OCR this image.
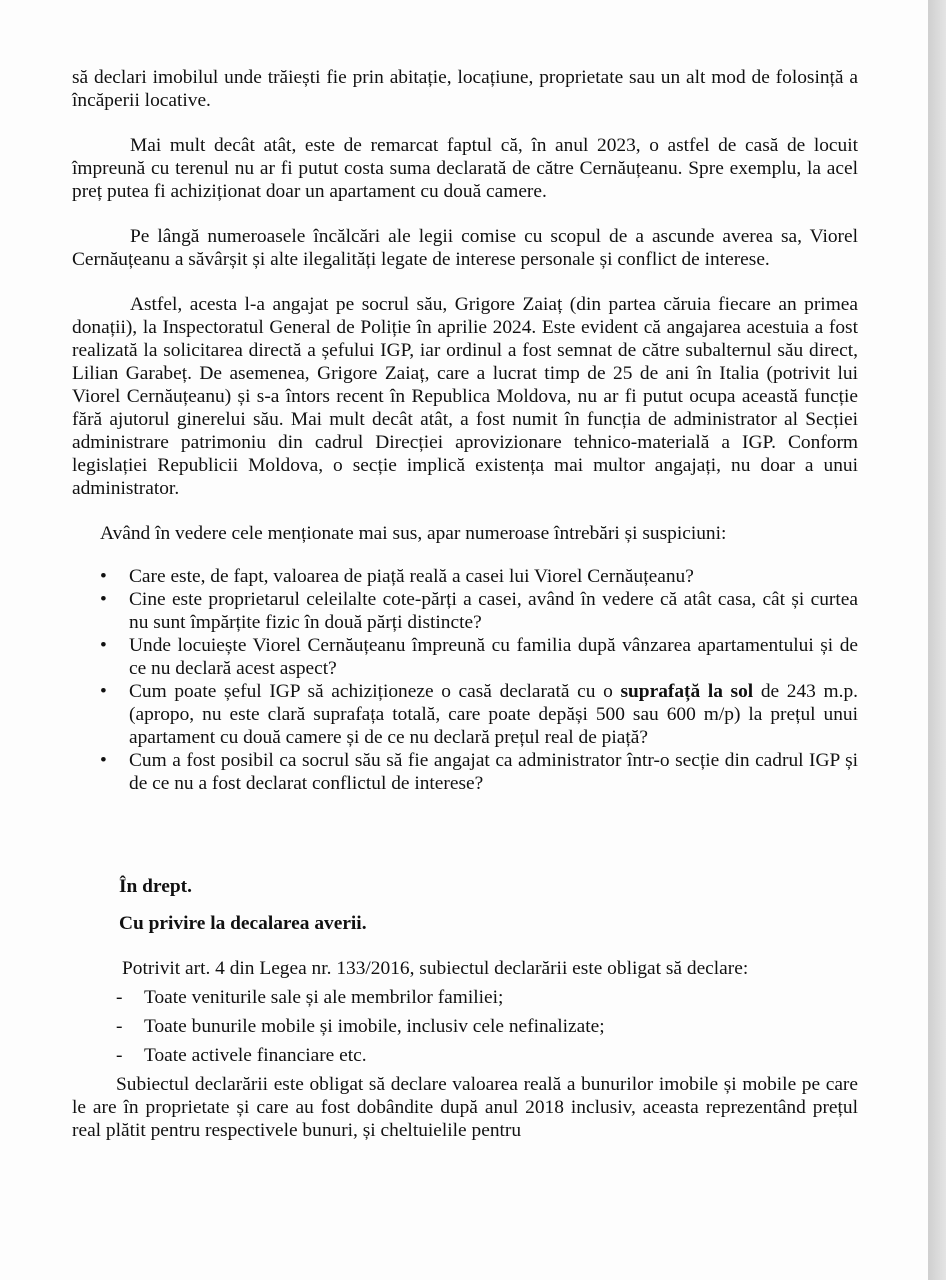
să declari imobilul unde trăiești fie prin abitație, locațiune, proprietate sau un alt mod de folosință a încăperii locative.

Mai mult decât atât, este de remarcat faptul că, în anul 2023, o astfel de casă de locuit împreună cu terenul nu ar fi putut costa suma declarată de către Cernăuțeanu. Spre exemplu, la acel preț putea fi achiziționat doar un apartament cu două camere.

Pe lângă numeroasele încălcări ale legii comise cu scopul de a ascunde averea sa, Viorel Cernăuțeanu a săvârșit și alte ilegalități legate de interese personale și conflict de interese.

Astfel, acesta l-a angajat pe socrul său, Grigore Zaiaț (din partea căruia fiecare an primea donații), la Inspectoratul General de Poliție în aprilie 2024. Este evident că angajarea acestuia a fost realizată la solicitarea directă a șefului IGP, iar ordinul a fost semnat de către subalternul său direct, Lilian Garabeț. De asemenea, Grigore Zaiaț, care a lucrat timp de 25 de ani în Italia (potrivit lui Viorel Cernăuțeanu) și s-a întors recent în Republica Moldova, nu ar fi putut ocupa această funcție fără ajutorul ginerelui său. Mai mult decât atât, a fost numit în funcția de administrator al Secției administrare patrimoniu din cadrul Direcției aprovizionare tehnico-materială a IGP. Conform legislației Republicii Moldova, o secție implică existența mai multor angajați, nu doar a unui administrator.

Având în vedere cele menționate mai sus, apar numeroase întrebări și suspiciuni:

• Care este, de fapt, valoarea de piață reală a casei lui Viorel Cernăuțeanu?
• Cine este proprietarul celeilalte cote-părți a casei, având în vedere că atât casa, cât și curtea nu sunt împărțite fizic în două părți distincte?
• Unde locuiește Viorel Cernăuțeanu împreună cu familia după vânzarea apartamentului și de ce nu declară acest aspect?
• Cum poate șeful IGP să achiziționeze o casă declarată cu o suprafață la sol de 243 m.p. (apropo, nu este clară suprafața totală, care poate depăși 500 sau 600 m/p) la prețul unui apartament cu două camere și de ce nu declară prețul real de piață?
• Cum a fost posibil ca socrul său să fie angajat ca administrator într-o secție din cadrul IGP și de ce nu a fost declarat conflictul de interese?
În drept.
Cu privire la decalarea averii.

Potrivit art. 4 din Legea nr. 133/2016, subiectul declarării este obligat să declare:

- Toate veniturile sale și ale membrilor familiei;
- Toate bunurile mobile și imobile, inclusiv cele nefinalizate;
- Toate activele financiare etc.

Subiectul declarării este obligat să declare valoarea reală a bunurilor imobile și mobile pe care le are în proprietate și care au fost dobândite după anul 2018 inclusiv, aceasta reprezentând prețul real plătit pentru respectivele bunuri, și cheltuielile pentru
